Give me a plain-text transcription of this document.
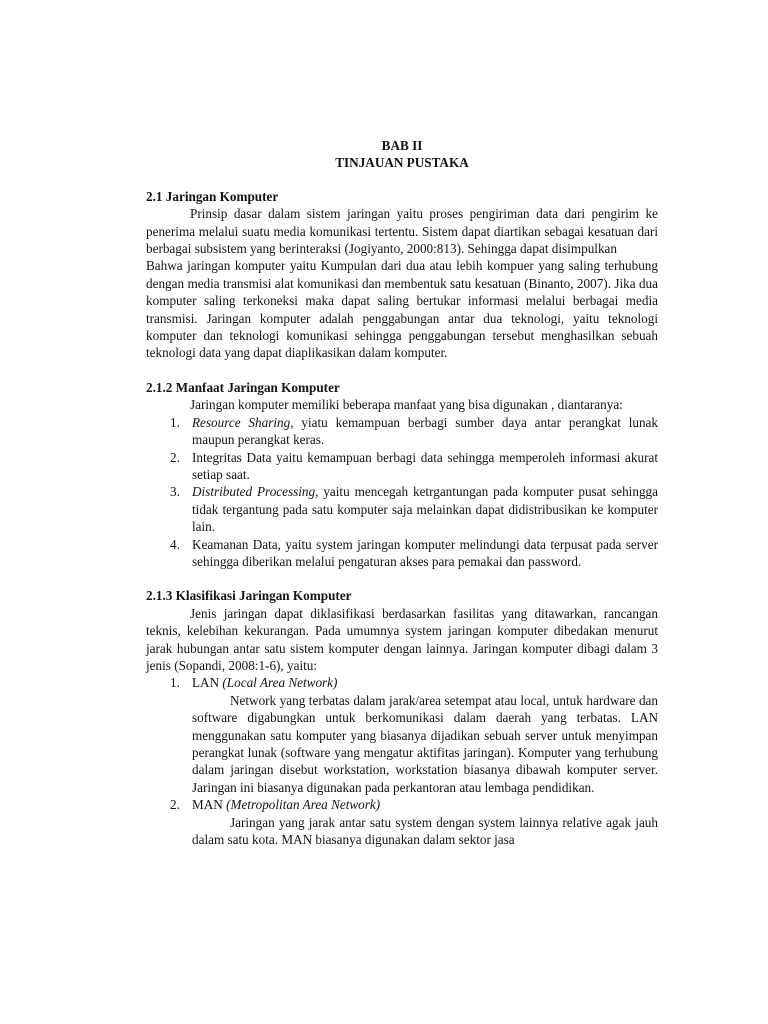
BAB II

TINJAUAN PUSTAKA

2.1 Jaringan Komputer

Prinsip dasar dalam sistem jaringan yaitu proses pengiriman data dari pengirim ke penerima melalui suatu media komunikasi tertentu. Sistem dapat diartikan sebagai kesatuan dari berbagai subsistem yang berinteraksi (Jogiyanto, 2000:813). Sehingga dapat disimpulkan

Bahwa jaringan komputer yaitu Kumpulan dari dua atau lebih kompuer yang saling terhubung dengan media transmisi alat komunikasi dan membentuk satu kesatuan (Binanto, 2007). Jika dua komputer saling terkoneksi maka dapat saling bertukar informasi melalui berbagai media transmisi. Jaringan komputer adalah penggabungan antar dua teknologi, yaitu teknologi komputer dan teknologi komunikasi sehingga penggabungan tersebut menghasilkan sebuah teknologi data yang dapat diaplikasikan dalam komputer.

2.1.2 Manfaat Jaringan Komputer

Jaringan komputer memiliki beberapa manfaat yang bisa digunakan , diantaranya:

1. Resource Sharing, yiatu kemampuan berbagi sumber daya antar perangkat lunak maupun perangkat keras.
2. Integritas Data yaitu kemampuan berbagi data sehingga memperoleh informasi akurat setiap saat.
3. Distributed Processing, yaitu mencegah ketrgantungan pada komputer pusat sehingga tidak tergantung pada satu komputer saja melainkan dapat didistribusikan ke komputer lain.
4. Keamanan Data, yaitu system jaringan komputer melindungi data terpusat pada server sehingga diberikan melalui pengaturan akses para pemakai dan password.

2.1.3 Klasifikasi Jaringan Komputer

Jenis jaringan dapat diklasifikasi berdasarkan fasilitas yang ditawarkan, rancangan teknis, kelebihan kekurangan. Pada umumnya system jaringan komputer dibedakan menurut jarak hubungan antar satu sistem komputer dengan lainnya. Jaringan komputer dibagi dalam 3 jenis (Sopandi, 2008:1-6), yaitu:

1. LAN (Local Area Network)

Network yang terbatas dalam jarak/area setempat atau local, untuk hardware dan software digabungkan untuk berkomunikasi dalam daerah yang terbatas. LAN menggunakan satu komputer yang biasanya dijadikan sebuah server untuk menyimpan perangkat lunak (software yang mengatur aktifitas jaringan). Komputer yang terhubung dalam jaringan disebut workstation, workstation biasanya dibawah komputer server. Jaringan ini biasanya digunakan pada perkantoran atau lembaga pendidikan.

2. MAN (Metropolitan Area Network)

Jaringan yang jarak antar satu system dengan system lainnya relative agak jauh dalam satu kota. MAN biasanya digunakan dalam sektor jasa
